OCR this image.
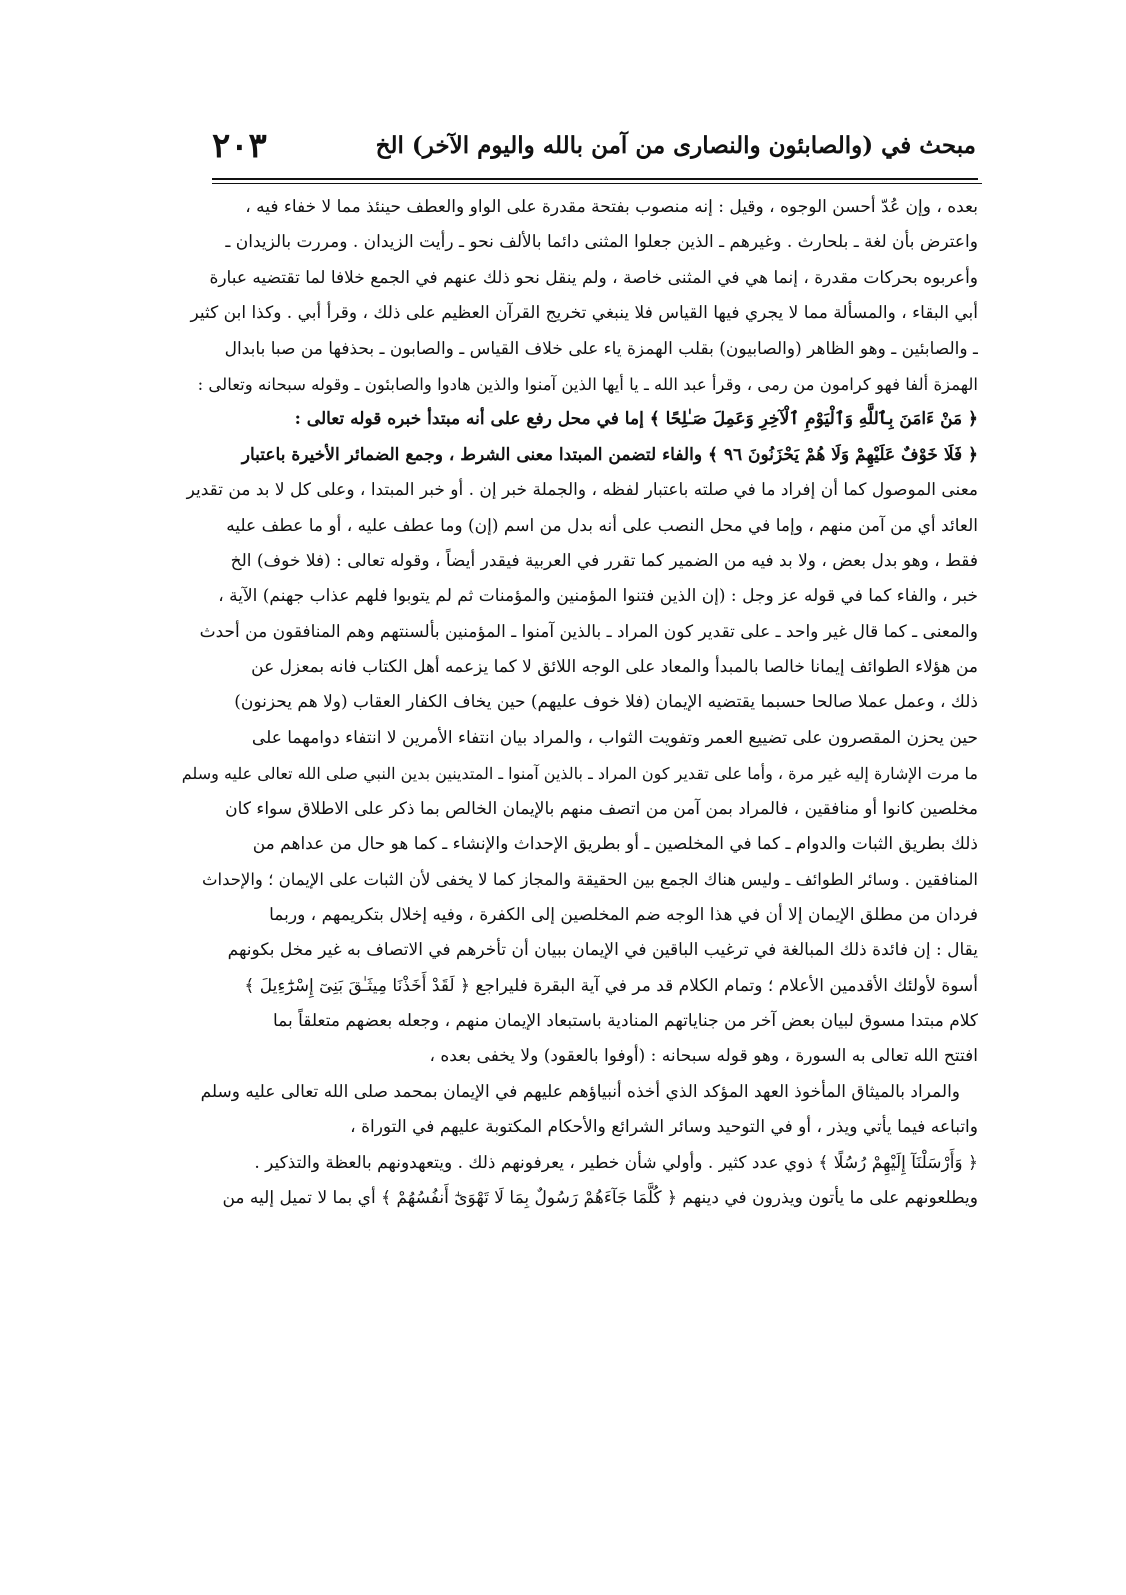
مبحث في (والصابئون والنصارى من آمن بالله واليوم الآخر) الخ
٢٠٣
بعده ، وإن عُدّ أحسن الوجوه ، وقيل : إنه منصوب بفتحة مقدرة على الواو والعطف حينئذ مما لا خفاء فيه ،
واعترض بأن لغة ـ بلحارث . وغيرهم ـ الذين جعلوا المثنى دائما بالألف نحو ـ رأيت الزيدان . ومررت بالزيدان ـ
وأعربوه بحركات مقدرة ، إنما هي في المثنى خاصة ، ولم ينقل نحو ذلك عنهم في الجمع خلافا لما تقتضيه عبارة
أبي البقاء ، والمسألة مما لا يجري فيها القياس فلا ينبغي تخريج القرآن العظيم على ذلك ، وقرأ أبي . وكذا ابن كثير
ـ والصابئين ـ وهو الظاهر (والصابيون) بقلب الهمزة ياء على خلاف القياس ـ والصابون ـ بحذفها من صبا بابدال
الهمزة ألفا فهو كرامون من رمى ، وقرأ عبد الله ـ يا أيها الذين آمنوا والذين هادوا والصابئون ـ وقوله سبحانه وتعالى :
﴿ مَنْ ءَامَنَ بِٱللَّهِ وَٱلْيَوْمِ ٱلْآخِرِ وَعَمِلَ صَـٰلِحًا ﴾ إما في محل رفع على أنه مبتدأ خبره قوله تعالى :
﴿ فَلَا خَوْفٌ عَلَيْهِمْ وَلَا هُمْ يَحْزَنُونَ ٩٦ ﴾ والفاء لتضمن المبتدا معنى الشرط ، وجمع الضمائر الأخيرة باعتبار
معنى الموصول كما أن إفراد ما في صلته باعتبار لفظه ، والجملة خبر إن . أو خبر المبتدا ، وعلى كل لا بد من تقدير
العائد أي من آمن منهم ، وإما في محل النصب على أنه بدل من اسم (إن) وما عطف عليه ، أو ما عطف عليه
فقط ، وهو بدل بعض ، ولا بد فيه من الضمير كما تقرر في العربية فيقدر أيضاً ، وقوله تعالى : (فلا خوف) الخ
خبر ، والفاء كما في قوله عز وجل : (إن الذين فتنوا المؤمنين والمؤمنات ثم لم يتوبوا فلهم عذاب جهنم) الآية ،
والمعنى ـ كما قال غير واحد ـ على تقدير كون المراد ـ بالذين آمنوا ـ المؤمنين بألسنتهم وهم المنافقون من أحدث
من هؤلاء الطوائف إيمانا خالصا بالمبدأ والمعاد على الوجه اللائق لا كما يزعمه أهل الكتاب فانه بمعزل عن
ذلك ، وعمل عملا صالحا حسبما يقتضيه الإيمان (فلا خوف عليهم) حين يخاف الكفار العقاب (ولا هم يحزنون)
حين يحزن المقصرون على تضييع العمر وتفويت الثواب ، والمراد بيان انتفاء الأمرين لا انتفاء دوامهما على
ما مرت الإشارة إليه غير مرة ، وأما على تقدير كون المراد ـ بالذين آمنوا ـ المتدينين بدين النبي صلى الله تعالى عليه وسلم
مخلصين كانوا أو منافقين ، فالمراد بمن آمن من اتصف منهم بالإيمان الخالص بما ذكر على الاطلاق سواء كان
ذلك بطريق الثبات والدوام ـ كما في المخلصين ـ أو بطريق الإحداث والإنشاء ـ كما هو حال من عداهم من
المنافقين . وسائر الطوائف ـ وليس هناك الجمع بين الحقيقة والمجاز كما لا يخفى لأن الثبات على الإيمان ؛ والإحداث
فردان من مطلق الإيمان إلا أن في هذا الوجه ضم المخلصين إلى الكفرة ، وفيه إخلال بتكريمهم ، وربما
يقال : إن فائدة ذلك المبالغة في ترغيب الباقين في الإيمان ببيان أن تأخرهم في الاتصاف به غير مخل بكونهم
أسوة لأولئك الأقدمين الأعلام ؛ وتمام الكلام قد مر في آية البقرة فليراجع ﴿ لَقَدْ أَخَذْنَا مِيثَـٰقَ بَنِىٓ إِسْرَٰٓءِيلَ ﴾
كلام مبتدا مسوق لبيان بعض آخر من جناياتهم المنادية باستبعاد الإيمان منهم ، وجعله بعضهم متعلقاً بما
افتتح الله تعالى به السورة ، وهو قوله سبحانه : (أوفوا بالعقود) ولا يخفى بعده ،
والمراد بالميثاق المأخوذ العهد المؤكد الذي أخذه أنبياؤهم عليهم في الإيمان بمحمد صلى الله تعالى عليه وسلم
واتباعه فيما يأتي ويذر ، أو في التوحيد وسائر الشرائع والأحكام المكتوبة عليهم في التوراة ،
﴿ وَأَرْسَلْنَآ إِلَيْهِمْ رُسُلًا ﴾ ذوي عدد كثير . وأولي شأن خطير ، يعرفونهم ذلك . ويتعهدونهم بالعظة والتذكير .
ويطلعونهم على ما يأتون ويذرون في دينهم ﴿ كُلَّمَا جَآءَهُمْ رَسُولٌ بِمَا لَا تَهْوَىٰٓ أَنفُسُهُمْ ﴾ أي بما لا تميل إليه من
